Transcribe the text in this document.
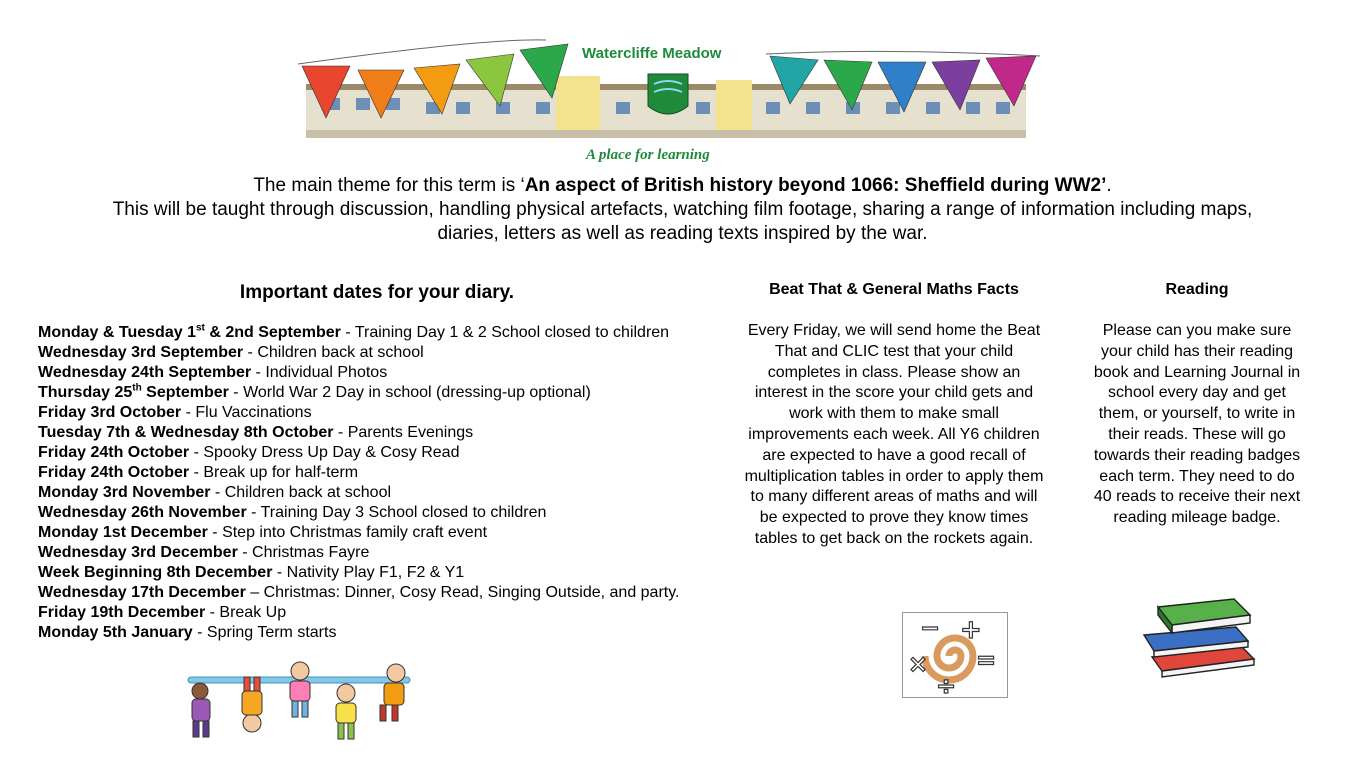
Watercliffe Meadow
A place for learning

The main theme for this term is ‘An aspect of British history beyond 1066: Sheffield during WW2’.

This will be taught through discussion, handling physical artefacts, watching film footage, sharing a range of information including maps,

diaries, letters as well as reading texts inspired by the war.

Important dates for your diary.
Monday & Tuesday 1st & 2nd September - Training Day 1 & 2 School closed to children
Wednesday 3rd September - Children back at school
Wednesday 24th September - Individual Photos
Thursday 25th September - World War 2 Day in school (dressing-up optional)
Friday 3rd October - Flu Vaccinations
Tuesday 7th & Wednesday 8th October - Parents Evenings
Friday 24th October - Spooky Dress Up Day & Cosy Read
Friday 24th October - Break up for half-term
Monday 3rd November - Children back at school
Wednesday 26th November - Training Day 3 School closed to children
Monday 1st December - Step into Christmas family craft event
Wednesday 3rd December - Christmas Fayre
Week Beginning 8th December - Nativity Play F1, F2 & Y1
Wednesday 17th December – Christmas: Dinner, Cosy Read, Singing Outside, and party.
Friday 19th December - Break Up
Monday 5th January - Spring Term starts
Beat That & General Maths Facts
Every Friday, we will send home the Beat
That and CLIC test that your child
completes in class. Please show an
interest in the score your child gets and
work with them to make small
improvements each week. All Y6 children
are expected to have a good recall of
multiplication tables in order to apply them
to many different areas of maths and will
be expected to prove they know times
tables to get back on the rockets again.
Reading
Please can you make sure
your child has their reading
book and Learning Journal in
school every day and get
them, or yourself, to write in
their reads. These will go
towards their reading badges
each term. They need to do
40 reads to receive their next
reading mileage badge.
+
× =
÷
−
